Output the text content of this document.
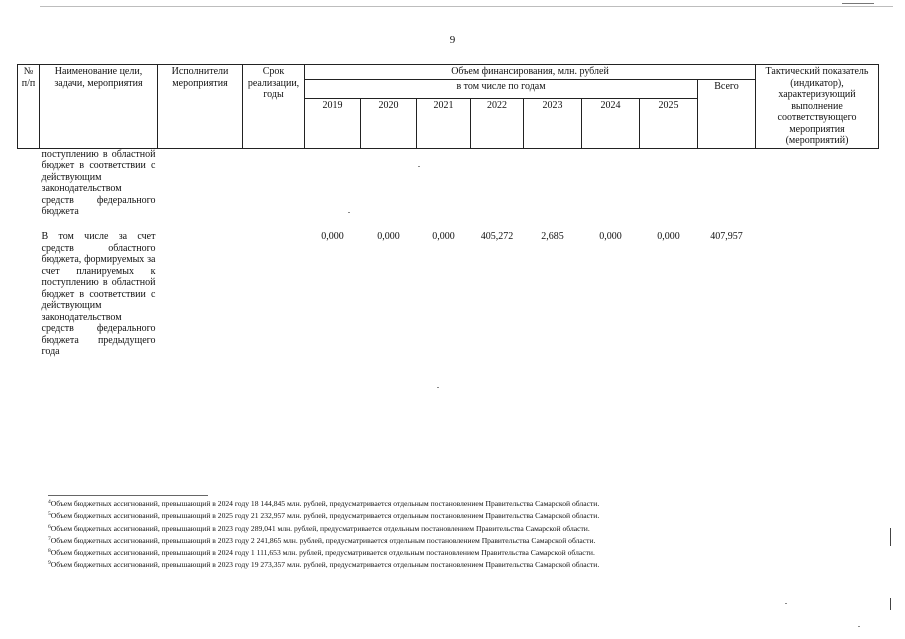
9
№ п/п	Наименование цели, задачи, мероприятия	Исполнители мероприятия	Срок реализации, годы	Объем финансирования, млн. рублей								Тактический показатель (индикатор), характеризующий выполнение соответствующего мероприятия (мероприятий)
				в том числе по годам							Всего	
				2019	2020	2021	2022	2023	2024	2025		
	поступлению в областной бюджет в соответствии с действующим законодательством средств федерального бюджета											
	В том числе за счет средств областного бюджета, формируемых за счет планируемых к поступлению в областной бюджет в соответствии с действующим законодательством средств федерального бюджета предыдущего года			0,000	0,000	0,000	405,272	2,685	0,000	0,000	407,957	
$^4$Объем бюджетных ассигнований, превышающий в 2024 году 18 144,845 млн. рублей, предусматривается отдельным постановлением Правительства Самарской области.
$^5$Объем бюджетных ассигнований, превышающий в 2025 году 21 232,957 млн. рублей, предусматривается отдельным постановлением Правительства Самарской области.
$^6$Объем бюджетных ассигнований, превышающий в 2023 году 289,041 млн. рублей, предусматривается отдельным постановлением Правительства Самарской области.
$^7$Объем бюджетных ассигнований, превышающий в 2023 году 2 241,865 млн. рублей, предусматривается отдельным постановлением Правительства Самарской области.
$^8$Объем бюджетных ассигнований, превышающий в 2024 году 1 111,653 млн. рублей, предусматривается отдельным постановлением Правительства Самарской области.
$^9$Объем бюджетных ассигнований, превышающий в 2023 году 19 273,357 млн. рублей, предусматривается отдельным постановлением Правительства Самарской области.
